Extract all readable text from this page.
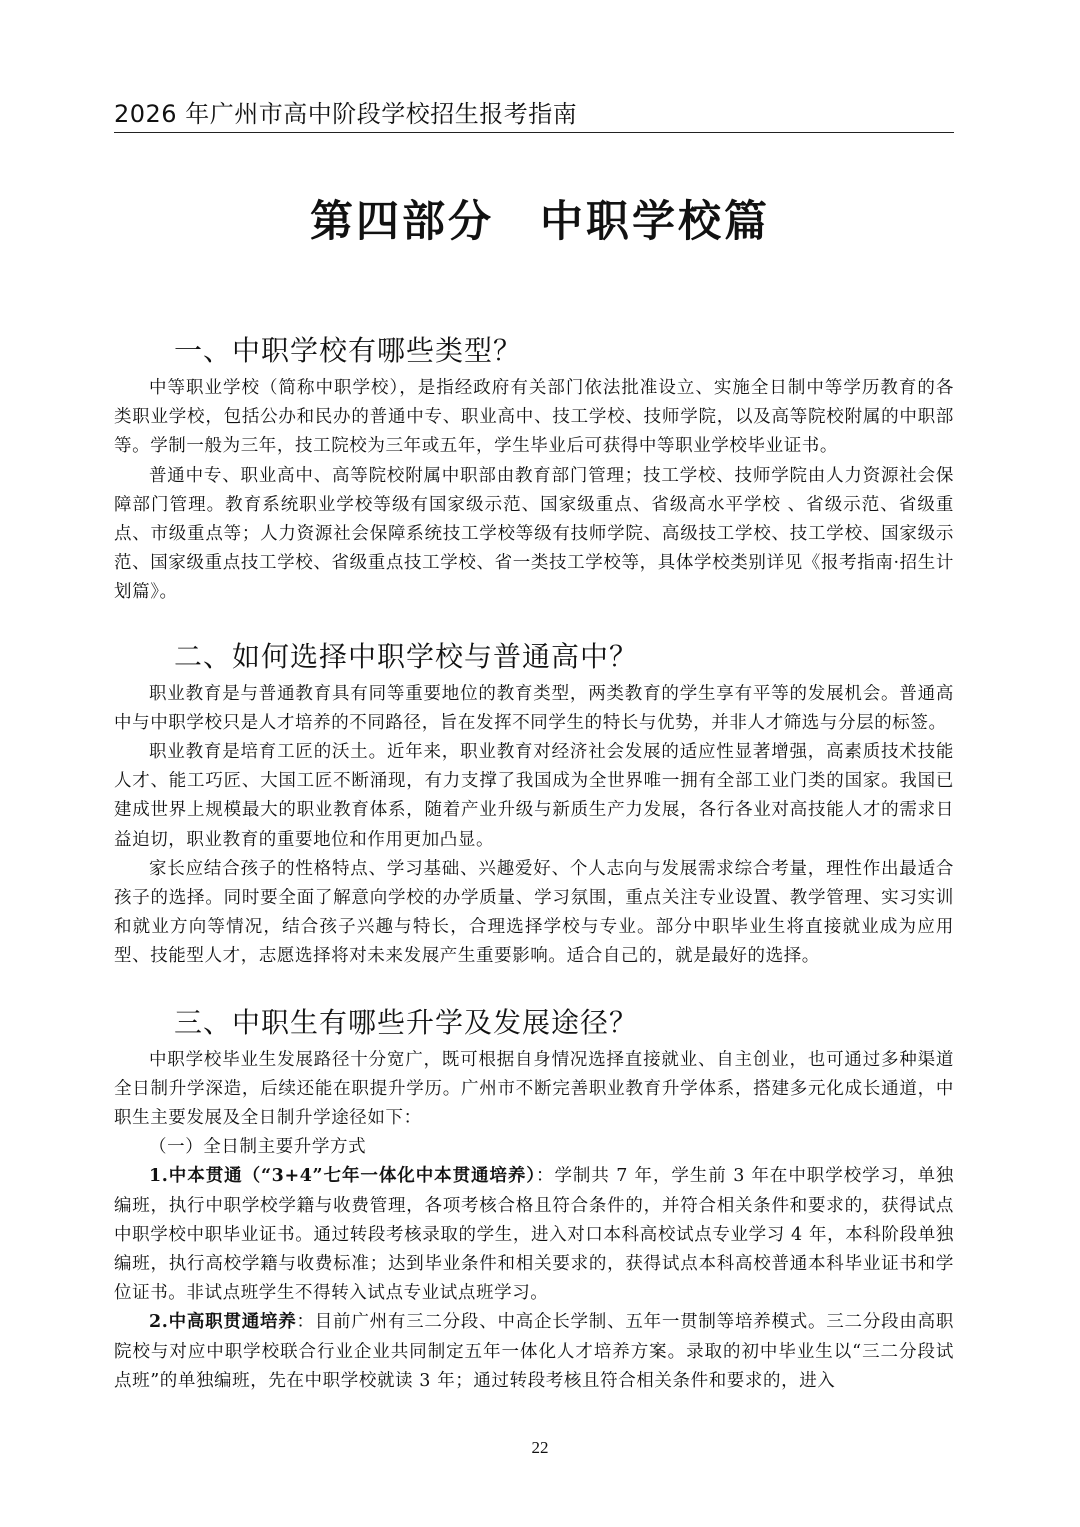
2026 年广州市高中阶段学校招生报考指南
第四部分　中职学校篇
一、中职学校有哪些类型？

中等职业学校（简称中职学校），是指经政府有关部门依法批准设立、实施全日制中等学历教育的各类职业学校，包括公办和民办的普通中专、职业高中、技工学校、技师学院，以及高等院校附属的中职部等。学制一般为三年，技工院校为三年或五年，学生毕业后可获得中等职业学校毕业证书。

普通中专、职业高中、高等院校附属中职部由教育部门管理；技工学校、技师学院由人力资源社会保障部门管理。教育系统职业学校等级有国家级示范、国家级重点、省级高水平学校 、省级示范、省级重点、市级重点等；人力资源社会保障系统技工学校等级有技师学院、高级技工学校、技工学校、国家级示范、国家级重点技工学校、省级重点技工学校、省一类技工学校等，具体学校类别详见《报考指南·招生计划篇》。

二、如何选择中职学校与普通高中？

职业教育是与普通教育具有同等重要地位的教育类型，两类教育的学生享有平等的发展机会。普通高中与中职学校只是人才培养的不同路径，旨在发挥不同学生的特长与优势，并非人才筛选与分层的标签。

职业教育是培育工匠的沃土。近年来，职业教育对经济社会发展的适应性显著增强，高素质技术技能人才、能工巧匠、大国工匠不断涌现，有力支撑了我国成为全世界唯一拥有全部工业门类的国家。我国已建成世界上规模最大的职业教育体系，随着产业升级与新质生产力发展，各行各业对高技能人才的需求日益迫切，职业教育的重要地位和作用更加凸显。

家长应结合孩子的性格特点、学习基础、兴趣爱好、个人志向与发展需求综合考量，理性作出最适合孩子的选择。同时要全面了解意向学校的办学质量、学习氛围，重点关注专业设置、教学管理、实习实训和就业方向等情况，结合孩子兴趣与特长，合理选择学校与专业。部分中职毕业生将直接就业成为应用型、技能型人才，志愿选择将对未来发展产生重要影响。适合自己的，就是最好的选择。

三、中职生有哪些升学及发展途径？

中职学校毕业生发展路径十分宽广，既可根据自身情况选择直接就业、自主创业，也可通过多种渠道全日制升学深造，后续还能在职提升学历。广州市不断完善职业教育升学体系，搭建多元化成长通道，中职生主要发展及全日制升学途径如下：

（一）全日制主要升学方式

1.中本贯通（“3+4”七年一体化中本贯通培养）：学制共 7 年，学生前 3 年在中职学校学习，单独编班，执行中职学校学籍与收费管理，各项考核合格且符合条件的，并符合相关条件和要求的，获得试点中职学校中职毕业证书。通过转段考核录取的学生，进入对口本科高校试点专业学习 4 年，本科阶段单独编班，执行高校学籍与收费标准；达到毕业条件和相关要求的，获得试点本科高校普通本科毕业证书和学位证书。非试点班学生不得转入试点专业试点班学习。

2.中高职贯通培养：目前广州有三二分段、中高企长学制、五年一贯制等培养模式。三二分段由高职院校与对应中职学校联合行业企业共同制定五年一体化人才培养方案。录取的初中毕业生以“三二分段试点班”的单独编班，先在中职学校就读 3 年；通过转段考核且符合相关条件和要求的，进入

22
